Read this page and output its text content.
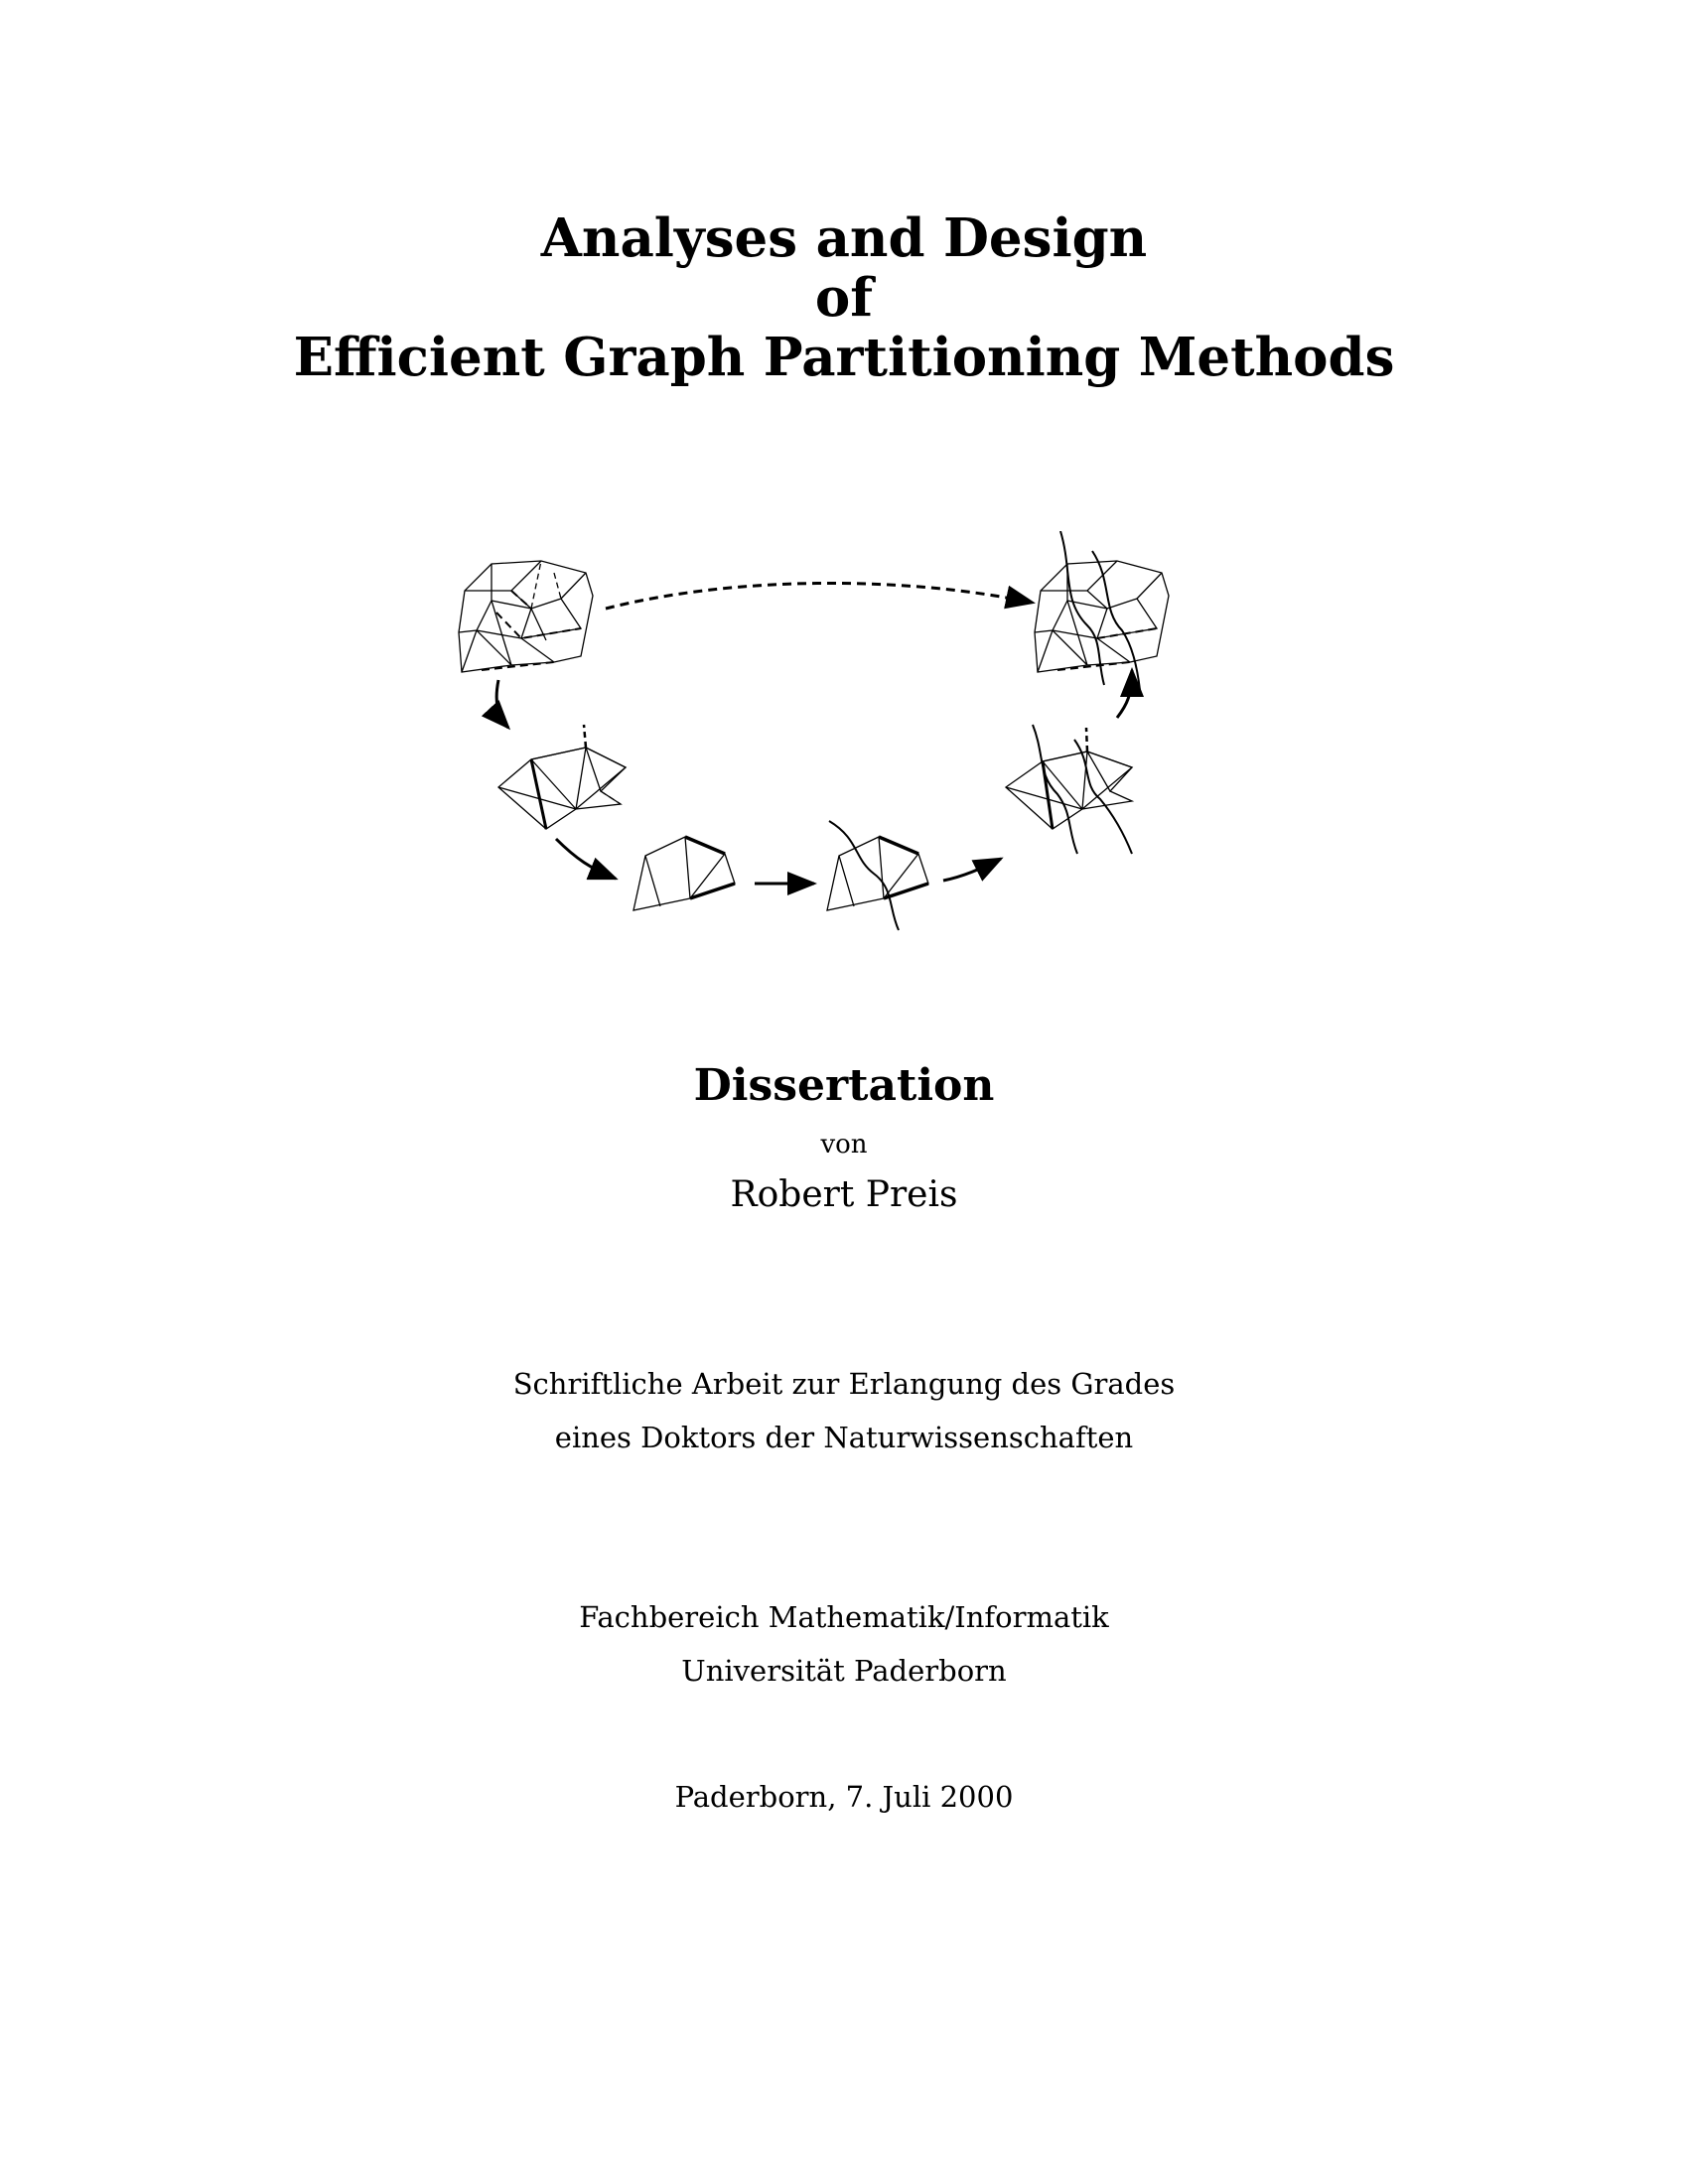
Analyses and Design
of
Efficient Graph Partitioning Methods
Dissertation
von
Robert Preis
Schriftliche Arbeit zur Erlangung des Grades
eines Doktors der Naturwissenschaften
Fachbereich Mathematik/Informatik
Universität Paderborn
Paderborn, 7. Juli 2000
